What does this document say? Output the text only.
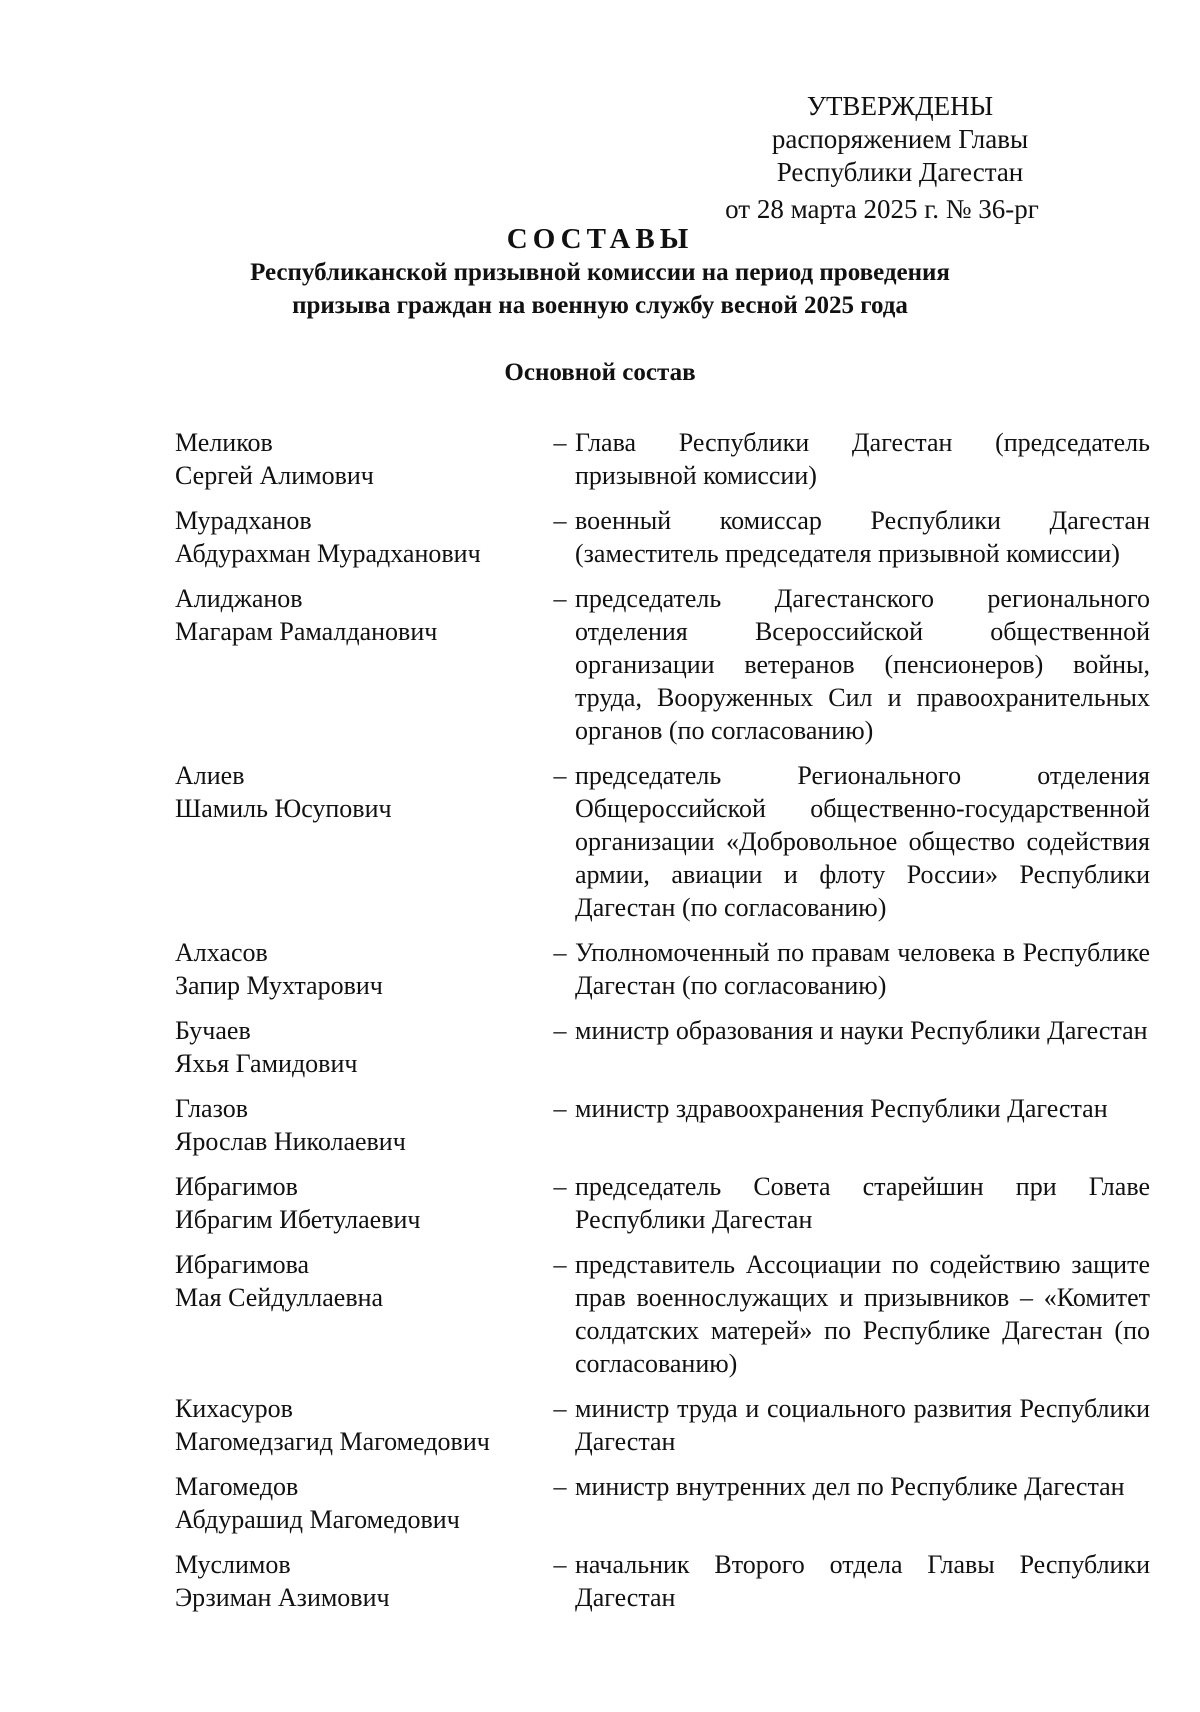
УТВЕРЖДЕНЫ
распоряжением Главы
Республики Дагестан
от 28 марта 2025 г. № 36-рг
СОСТАВЫ
Республиканской призывной комиссии на период проведения
призыва граждан на военную службу весной 2025 года
Основной состав
Меликов
Сергей Алимович
– Глава Республики Дагестан (председатель призывной комиссии)
Мурадханов
Абдурахман Мурадханович
– военный комиссар Республики Дагестан (заместитель председателя призывной комиссии)
Алиджанов
Магарам Рамалданович
– председатель Дагестанского регионального отделения Всероссийской общественной организации ветеранов (пенсионеров) войны, труда, Вооруженных Сил и правоохранительных органов (по согласованию)
Алиев
Шамиль Юсупович
– председатель Регионального отделения Общероссийской общественно-государственной организации «Добровольное общество содействия армии, авиации и флоту России» Республики Дагестан (по согласованию)
Алхасов
Запир Мухтарович
– Уполномоченный по правам человека в Республике Дагестан (по согласованию)
Бучаев
Яхья Гамидович
– министр образования и науки Республики Дагестан
Глазов
Ярослав Николаевич
– министр здравоохранения Республики Дагестан
Ибрагимов
Ибрагим Ибетулаевич
– председатель Совета старейшин при Главе Республики Дагестан
Ибрагимова
Мая Сейдуллаевна
– представитель Ассоциации по содействию защите прав военнослужащих и призывников – «Комитет солдатских матерей» по Республике Дагестан (по согласованию)
Кихасуров
Магомедзагид Магомедович
– министр труда и социального развития Республики Дагестан
Магомедов
Абдурашид Магомедович
– министр внутренних дел по Республике Дагестан
Муслимов
Эрзиман Азимович
– начальник Второго отдела Главы Республики Дагестан
